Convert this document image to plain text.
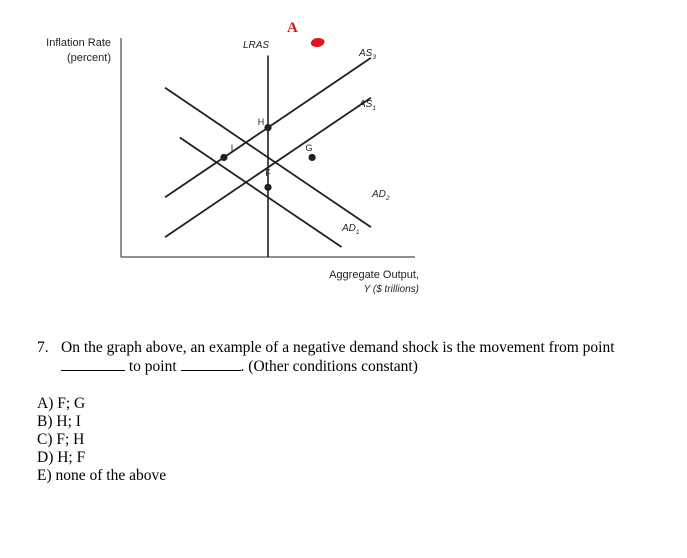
Inflation Rate
(percent)
LRAS
$AS_3$
$AS_1$
$AD_2$
$AD_1$
I
H
G
F
Aggregate Output,
Y ($ trillions)
A
7. On the graph above, an example of a negative demand shock is the movement from point
to point	. (Other conditions constant)
A) F; G
B) H; I
C) F; H
D) H; F
E) none of the above
